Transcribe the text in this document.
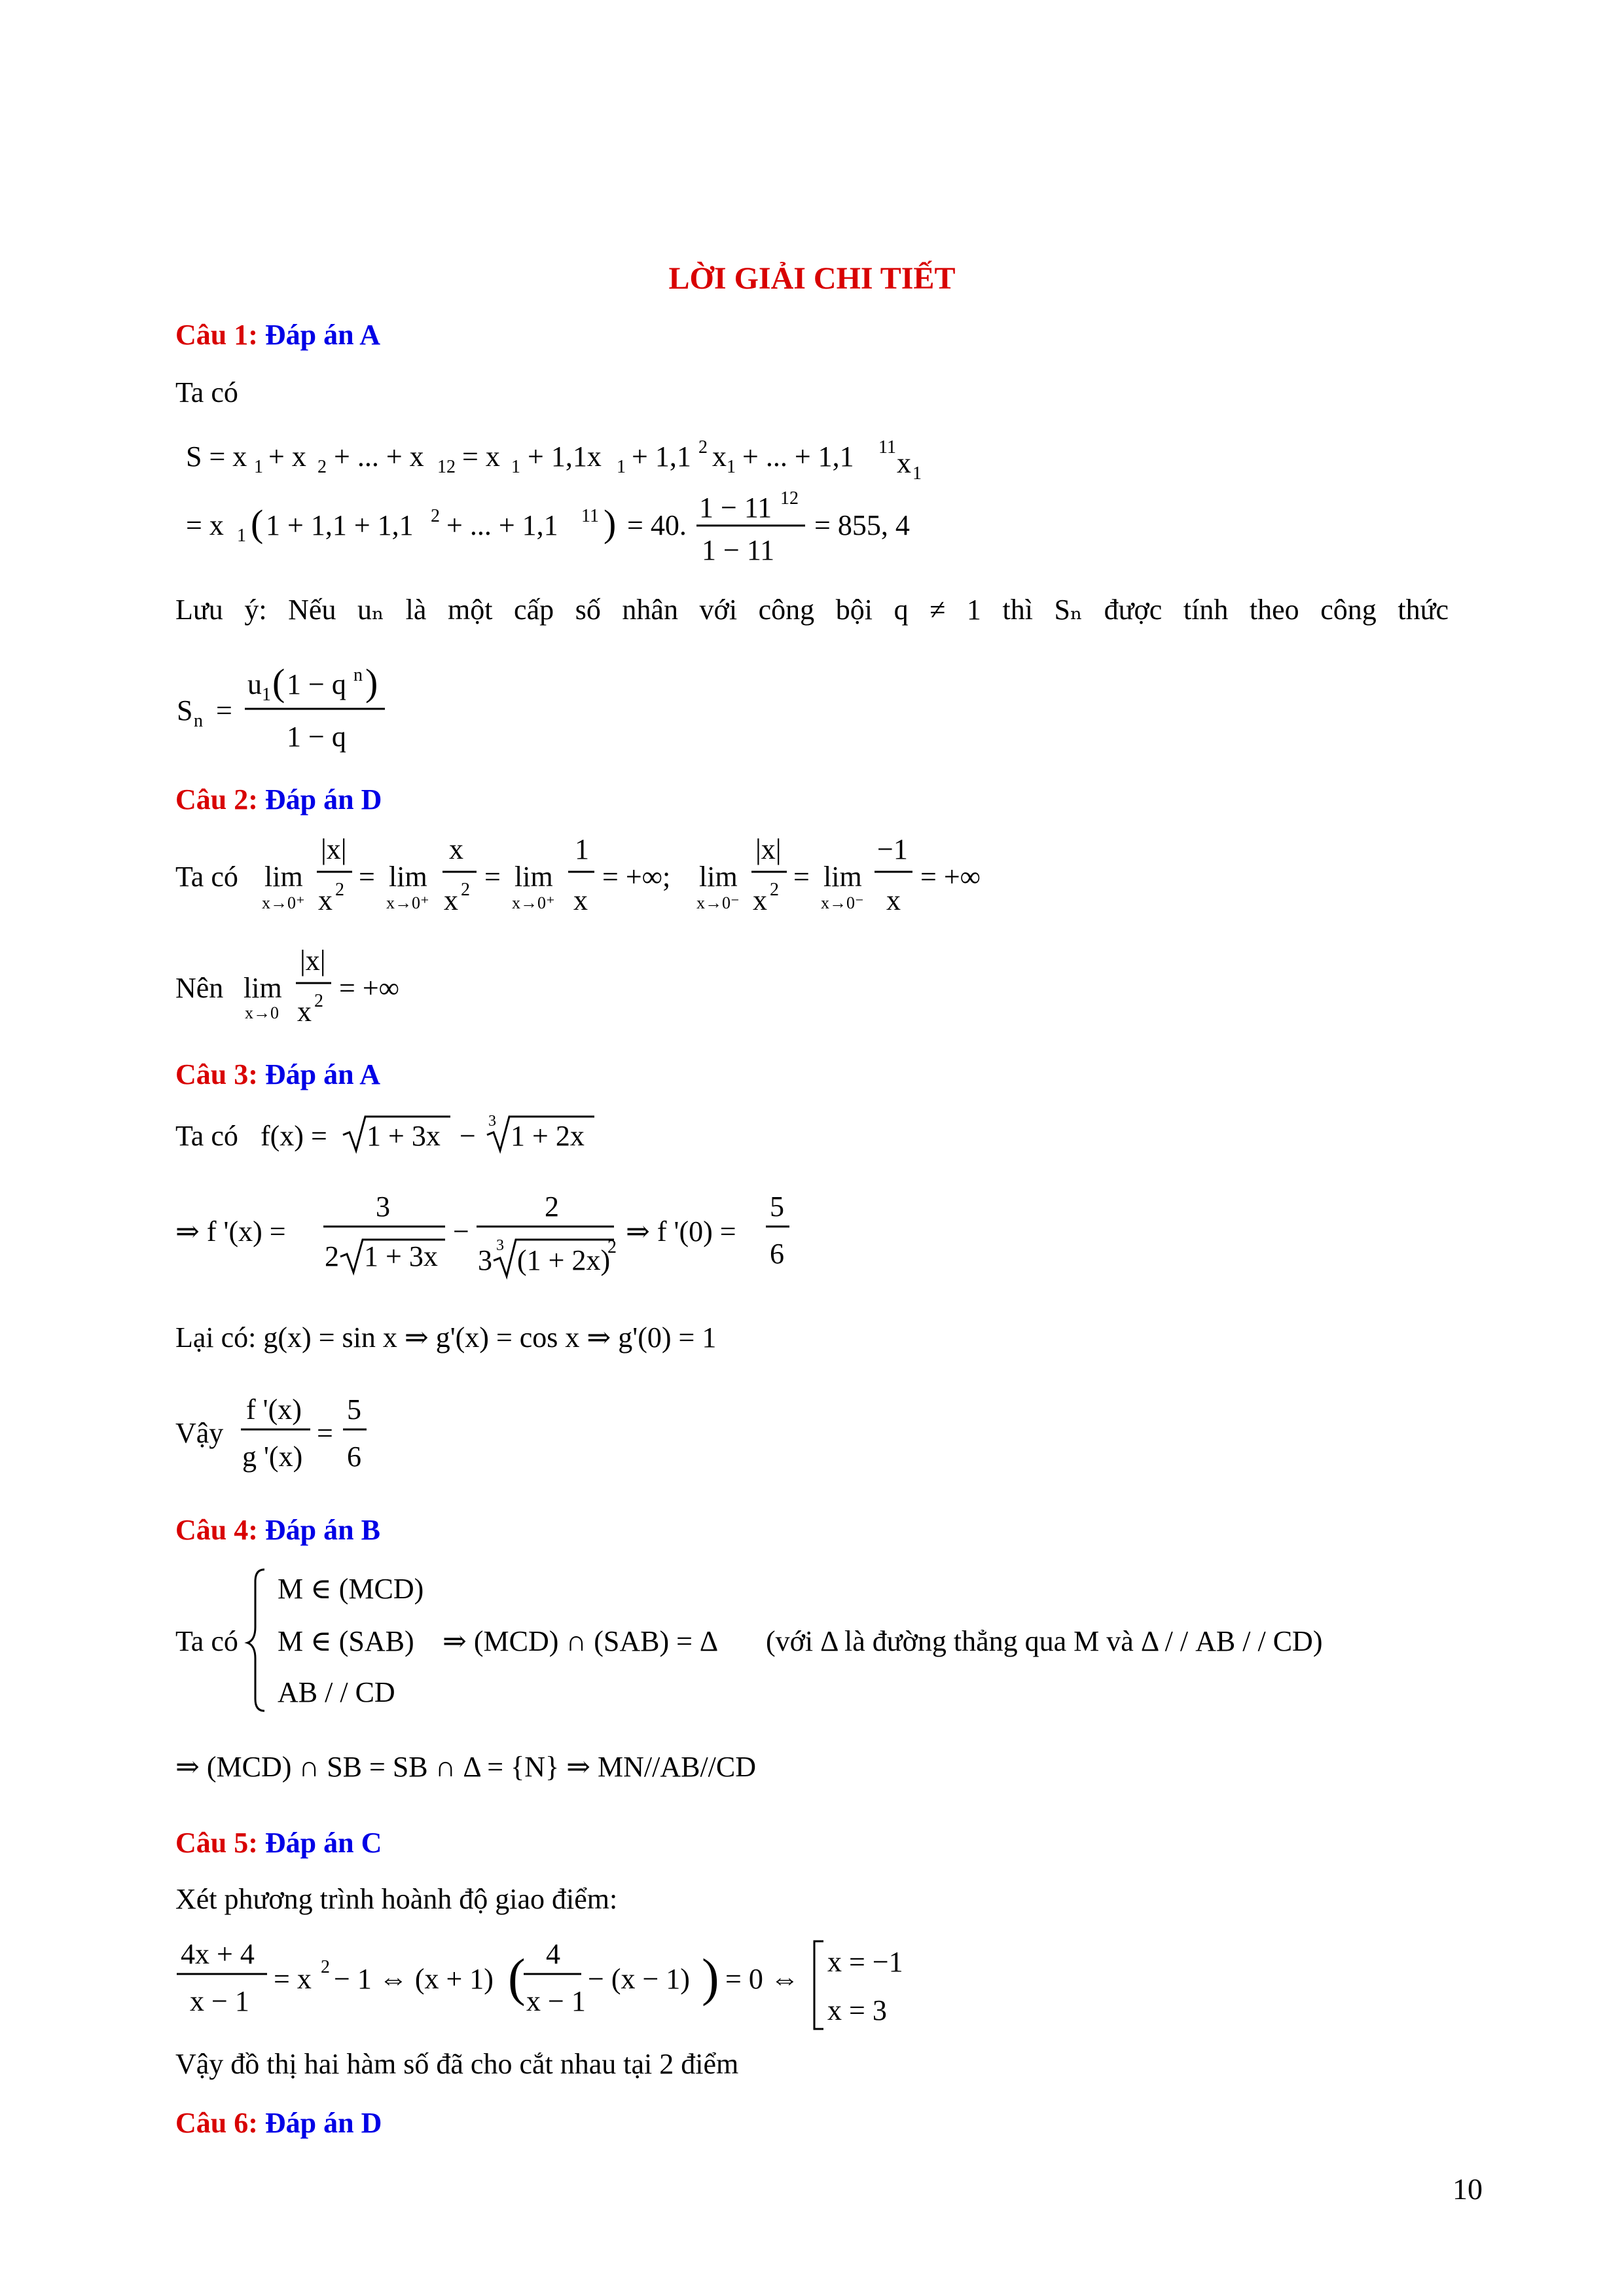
LỜI GIẢI CHI TIẾT
Câu 1: Đáp án A
Ta có
S = x 1 + x 2 + ... + x 12 = x 1 + 1,1x 1 + 1,1 2 x 1 + ... + 1,1 11 x 1
= x 1 ( 1 + 1,1 + 1,1 2 + ... + 1,1 11 ) = 40.
1 − 11 12
1 − 11
= 855, 4
Lưu ý: Nếu uₙ là một cấp số nhân với công bội q ≠ 1 thì Sₙ được tính theo công thức
S n =
u 1 ( 1 − q n )
1 − q
Câu 2: Đáp án D
Ta có lim
x→0⁺
|x|
x 2 = lim
x→0⁺
x
x 2 = lim
x→0⁺
1
x
= +∞; lim
x→0⁻
|x|
x 2 = lim
x→0⁻
−1
x
= +∞
Nên lim
x→0
|x|
x 2 = +∞
Câu 3: Đáp án A
Ta có f(x) = 1 + 3x − 3 1 + 2x
⇒ f '(x) =
3
2 1 + 3x
−
2
3 3 (1 + 2x)
2 ⇒ f '(0) =
5
6
Lại có: g(x) = sin x ⇒ g'(x) = cos x ⇒ g'(0) = 1
Vậy
f '(x)
g '(x)
=
5
6
Câu 4: Đáp án B
Ta có
M ∈ (MCD)
M ∈ (SAB)
AB / / CD
⇒ (MCD) ∩ (SAB) = Δ (với Δ là đường thẳng qua M và Δ / / AB / / CD)
⇒ (MCD) ∩ SB = SB ∩ Δ = {N} ⇒ MN//AB//CD
Câu 5: Đáp án C
Xét phương trình hoành độ giao điểm:
4x + 4
x − 1
= x 2 − 1 ⇔ (x + 1) ( 4
x − 1
− (x − 1) ) = 0 ⇔
x = −1
x = 3
Vậy đồ thị hai hàm số đã cho cắt nhau tại 2 điểm
Câu 6: Đáp án D
10
